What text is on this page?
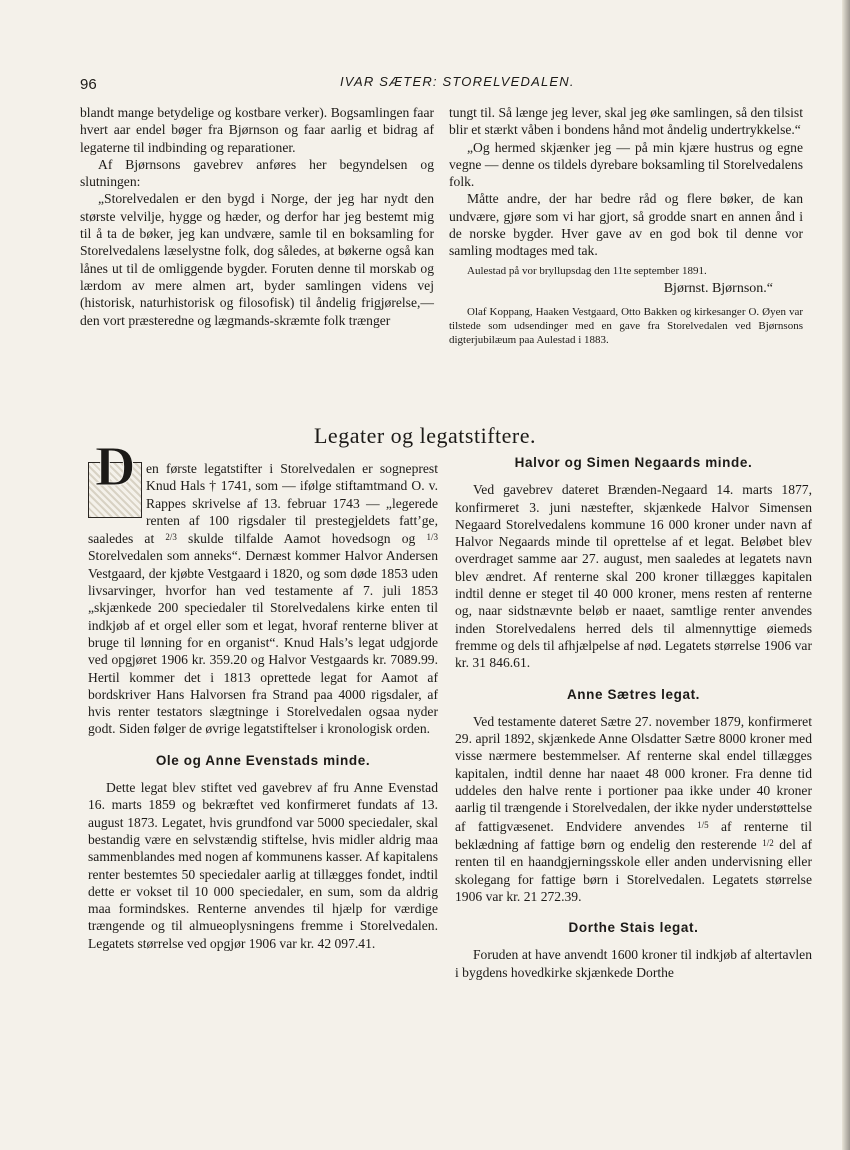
96	IVAR SÆTER: STORELVEDALEN.

blandt mange betydelige og kostbare verker). Bogsamlingen faar hvert aar endel bøger fra Bjørnson og faar aarlig et bidrag af legaterne til indbinding og reparationer.

Af Bjørnsons gavebrev anføres her begyndelsen og slutningen:

„Storelvedalen er den bygd i Norge, der jeg har nydt den største velvilje, hygge og hæder, og derfor har jeg bestemt mig til å ta de bøker, jeg kan undvære, samle til en boksamling for Storelvedalens læselystne folk, dog således, at bøkerne også kan lånes ut til de omliggende bygder. Foruten denne til morskab og lærdom av mere almen art, byder samlingen videns vej (historisk, naturhistorisk og filosofisk) til åndelig frigjørelse,— den vort præsteredne og lægmands-skræmte folk trænger

tungt til. Så længe jeg lever, skal jeg øke samlingen, så den tilsist blir et stærkt våben i bondens hånd mot åndelig undertrykkelse.“

„Og hermed skjænker jeg — på min kjære hustrus og egne vegne — denne os tildels dyrebare boksamling til Storelvedalens folk.

Måtte andre, der har bedre råd og flere bøker, de kan undvære, gjøre som vi har gjort, så grodde snart en annen ånd i de norske bygder. Hver gave av en god bok til denne vor samling modtages med tak.

Aulestad på vor bryllupsdag den 11te september 1891.

Bjørnst. Bjørnson.“

Olaf Koppang, Haaken Vestgaard, Otto Bakken og kirkesanger O. Øyen var tilstede som udsendinger med en gave fra Storelvedalen ved Bjørnsons digterjubilæum paa Aulestad i 1883.

Legater og legatstiftere.

D en første legatstifter i Storelvedalen er sogneprest Knud Hals † 1741, som — ifølge stiftamtmand O. v. Rappes skrivelse af 13. februar 1743 — „legerede renten af 100 rigsdaler til prestegjeldets fatt’ge, saaledes at $^{2/3}$ skulde tilfalde Aamot hovedsogn og $^{1/3}$ Storelvedalen som anneks“. Dernæst kommer Halvor Andersen Vestgaard, der kjøbte Vestgaard i 1820, og som døde 1853 uden livsarvinger, hvorfor han ved testamente af 7. juli 1853 „skjænkede 200 speciedaler til Storelvedalens kirke enten til indkjøb af et orgel eller som et legat, hvoraf renterne bliver at bruge til lønning for en organist“. Knud Hals’s legat udgjorde ved opgjøret 1906 kr. 359.20 og Halvor Vestgaards kr. 7089.99. Hertil kommer det i 1813 oprettede legat for Aamot af bordskriver Hans Halvorsen fra Strand paa 4000 rigsdaler, af hvis renter testators slægtninge i Storelvedalen ogsaa nyder godt. Siden følger de øvrige legatstiftelser i kronologisk orden.

Ole og Anne Evenstads minde.

Dette legat blev stiftet ved gavebrev af fru Anne Evenstad 16. marts 1859 og bekræftet ved konfirmeret fundats af 13. august 1873. Legatet, hvis grundfond var 5000 speciedaler, skal bestandig være en selvstændig stiftelse, hvis midler aldrig maa sammenblandes med nogen af kommunens kasser. Af kapitalens renter bestemtes 50 speciedaler aarlig at tillægges fondet, indtil dette er vokset til 10 000 speciedaler, en sum, som da aldrig maa formindskes. Renterne anvendes til hjælp for værdige trængende og til almueoplysningens fremme i Storelvedalen. Legatets størrelse ved opgjør 1906 var kr. 42 097.41.

Halvor og Simen Negaards minde.

Ved gavebrev dateret Brænden-Negaard 14. marts 1877, konfirmeret 3. juni næstefter, skjænkede Halvor Simensen Negaard Storelvedalens kommune 16 000 kroner under navn af Halvor Negaards minde til oprettelse af et legat. Beløbet blev overdraget samme aar 27. august, men saaledes at legatets navn blev ændret. Af renterne skal 200 kroner tillægges kapitalen indtil denne er steget til 40 000 kroner, mens resten af renterne og, naar sidstnævnte beløb er naaet, samtlige renter anvendes inden Storelvedalens herred dels til almennyttige øiemeds fremme og dels til afhjælpelse af nød. Legatets størrelse 1906 var kr. 31 846.61.

Anne Sætres legat.

Ved testamente dateret Sætre 27. november 1879, konfirmeret 29. april 1892, skjænkede Anne Olsdatter Sætre 8000 kroner med visse nærmere bestemmelser. Af renterne skal endel tillægges kapitalen, indtil denne har naaet 48 000 kroner. Fra denne tid uddeles den halve rente i portioner paa ikke under 40 kroner aarlig til trængende i Storelvedalen, der ikke nyder understøttelse af fattigvæsenet. Endvidere anvendes $^{1/5}$ af renterne til beklædning af fattige børn og endelig den resterende $^{1/2}$ del af renten til en haandgjerningsskole eller anden undervisning eller skolegang for fattige børn i Storelvedalen. Legatets størrelse 1906 var kr. 21 272.39.

Dorthe Stais legat.

Foruden at have anvendt 1600 kroner til indkjøb af altertavlen i bygdens hovedkirke skjænkede Dorthe
